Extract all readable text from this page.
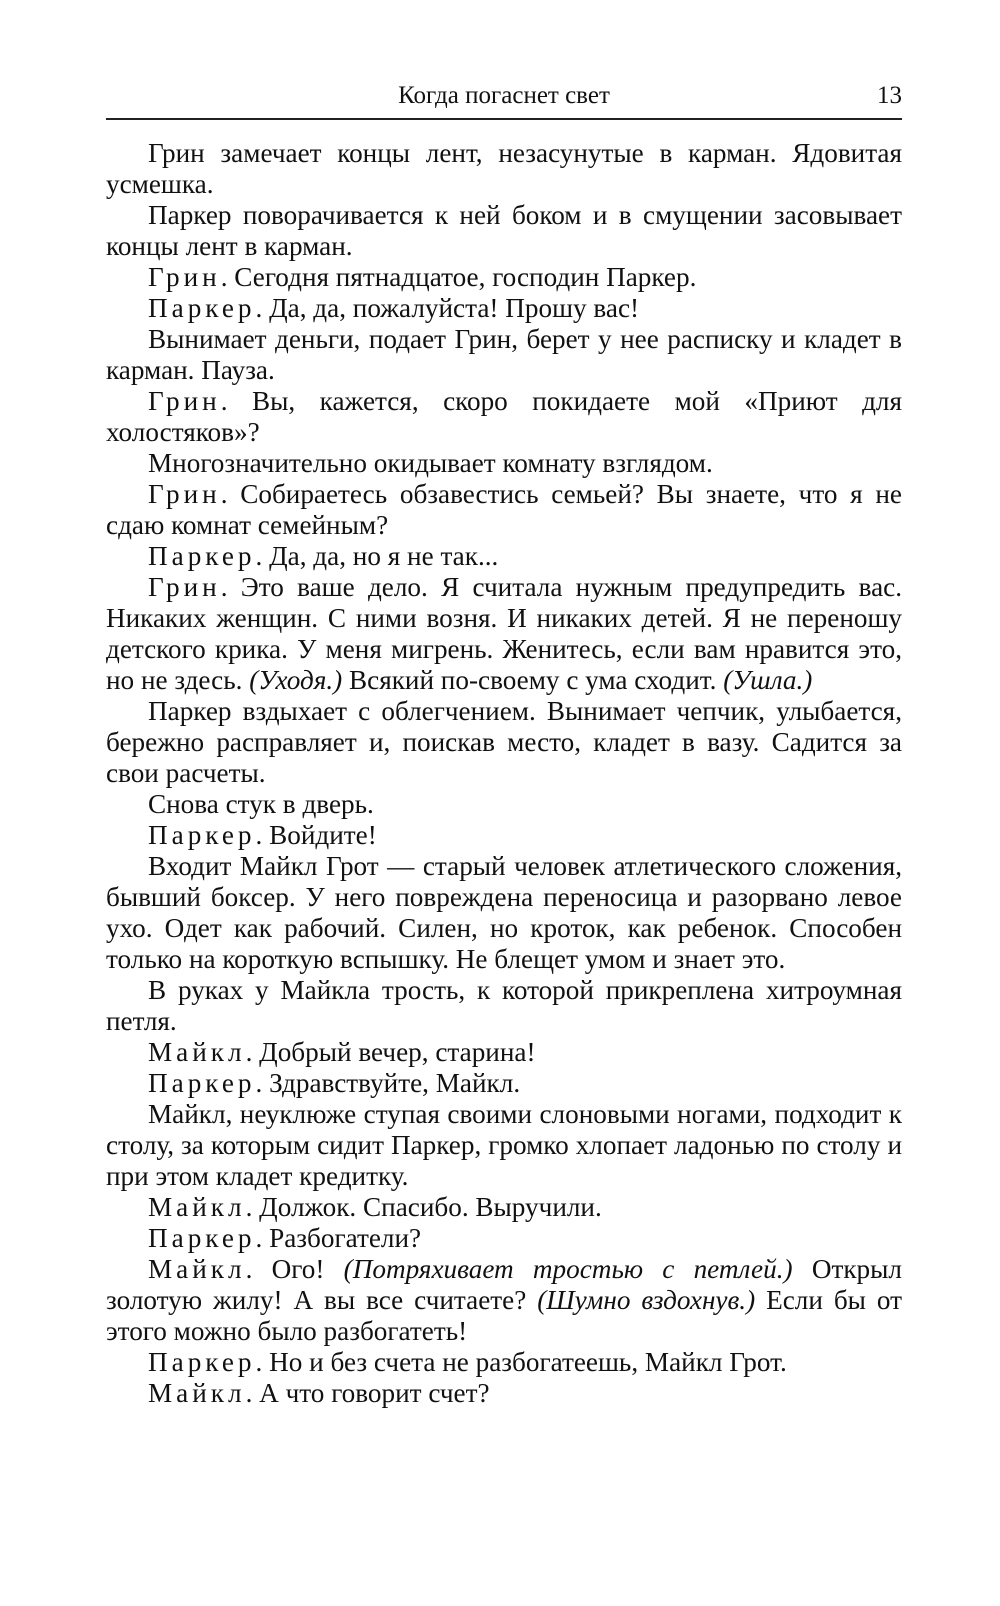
Когда погаснет свет	13

Грин замечает концы лент, незасунутые в карман. Ядовитая усмешка.

Паркер поворачивается к ней боком и в смущении засовывает концы лент в карман.

Грин. Сегодня пятнадцатое, господин Паркер.

Паркер. Да, да, пожалуйста! Прошу вас!

Вынимает деньги, подает Грин, берет у нее расписку и кладет в карман. Пауза.

Грин. Вы, кажется, скоро покидаете мой «Приют для холостяков»?

Многозначительно окидывает комнату взглядом.

Грин. Собираетесь обзавестись семьей? Вы знаете, что я не сдаю комнат семейным?

Паркер. Да, да, но я не так...

Грин. Это ваше дело. Я считала нужным предупредить вас. Никаких женщин. С ними возня. И никаких детей. Я не переношу детского крика. У меня мигрень. Женитесь, если вам нравится это, но не здесь. (Уходя.) Всякий по-своему с ума сходит. (Ушла.)

Паркер вздыхает с облегчением. Вынимает чепчик, улыбается, бережно расправляет и, поискав место, кладет в вазу. Садится за свои расчеты.

Снова стук в дверь.

Паркер. Войдите!

Входит Майкл Грот — старый человек атлетического сложения, бывший боксер. У него повреждена переносица и разорвано левое ухо. Одет как рабочий. Силен, но кроток, как ребенок. Способен только на короткую вспышку. Не блещет умом и знает это.

В руках у Майкла трость, к которой прикреплена хитроумная петля.

Майкл. Добрый вечер, старина!

Паркер. Здравствуйте, Майкл.

Майкл, неуклюже ступая своими слоновыми ногами, подходит к столу, за которым сидит Паркер, громко хлопает ладонью по столу и при этом кладет кредитку.

Майкл. Должок. Спасибо. Выручили.

Паркер. Разбогатели?

Майкл. Ого! (Потряхивает тростью с петлей.) Открыл золотую жилу! А вы все считаете? (Шумно вздохнув.) Если бы от этого можно было разбогатеть!

Паркер. Но и без счета не разбогатеешь, Майкл Грот.

Майкл. А что говорит счет?
